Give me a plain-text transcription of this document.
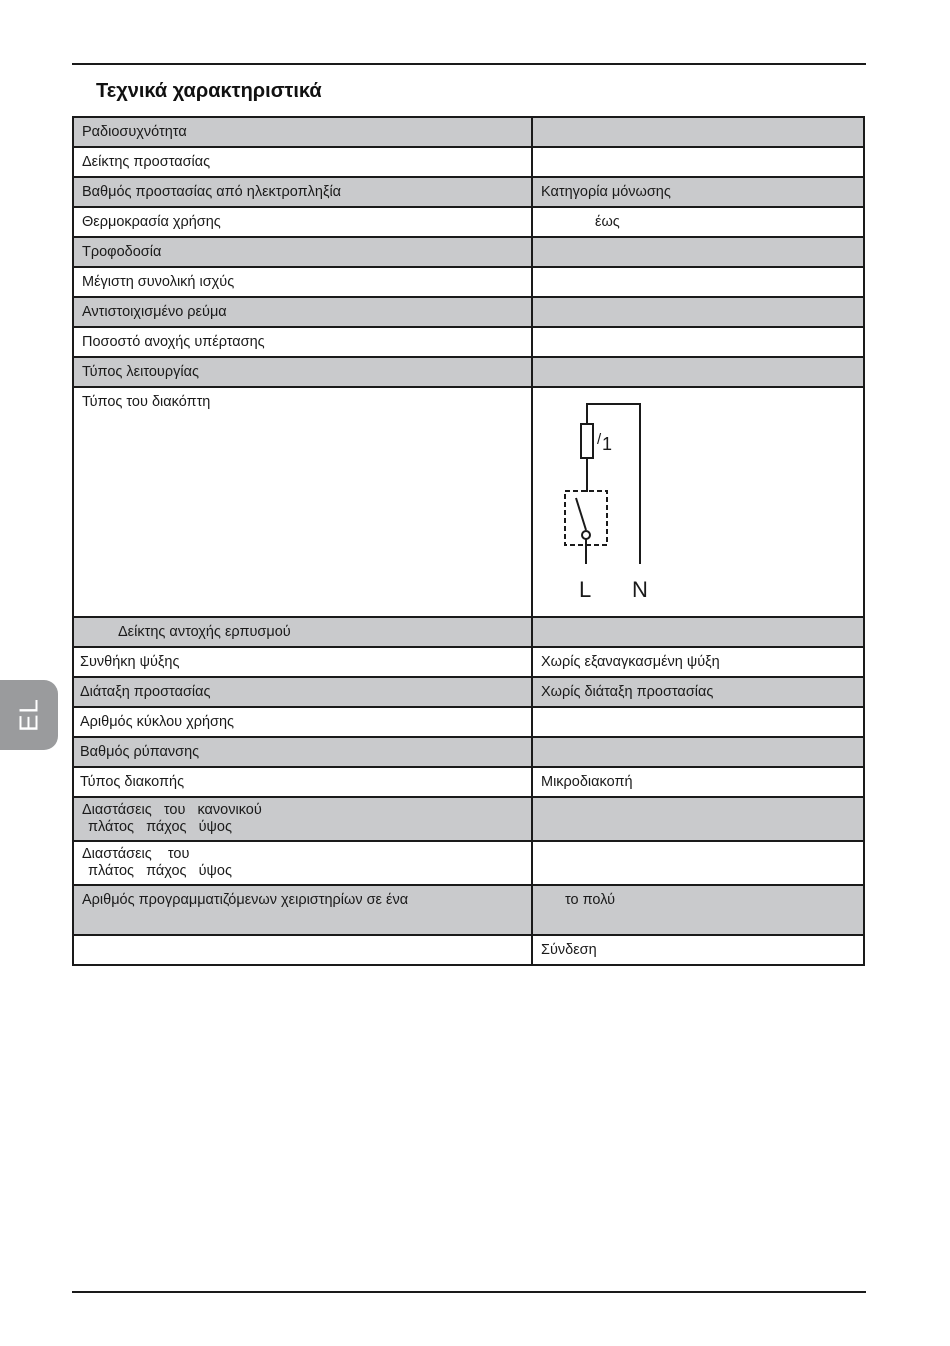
Τεχνικά χαρακτηριστικά
Ραδιοσυχνότητα	
Δείκτης προστασίας	
Βαθμός προστασίας από ηλεκτροπληξία	Κατηγορία μόνωσης
Θερμοκρασία χρήσης	έως
Τροφοδοσία	
Μέγιστη συνολική ισχύς	
Αντιστοιχισμένο ρεύμα	
Ποσοστό ανοχής υπέρτασης	
Τύπος λειτουργίας	
Τύπος του διακόπτη	/ 1
L N

Δείκτης αντοχής ερπυσμού	
Συνθήκη ψύξης	Χωρίς εξαναγκασμένη ψύξη
Διάταξη προστασίας	Χωρίς διάταξη προστασίας
Αριθμός κύκλου χρήσης	
Βαθμός ρύπανσης	
Τύπος διακοπής	Μικροδιακοπή

Διαστάσεις   του   κανονικού
πλάτος   πάχος   ύψος	

Διαστάσεις    του
πλάτος   πάχος   ύψος	

Αριθμός προγραμματιζόμενων χειριστηρίων σε ένα	το πολύ
	Σύνδεση
EL
